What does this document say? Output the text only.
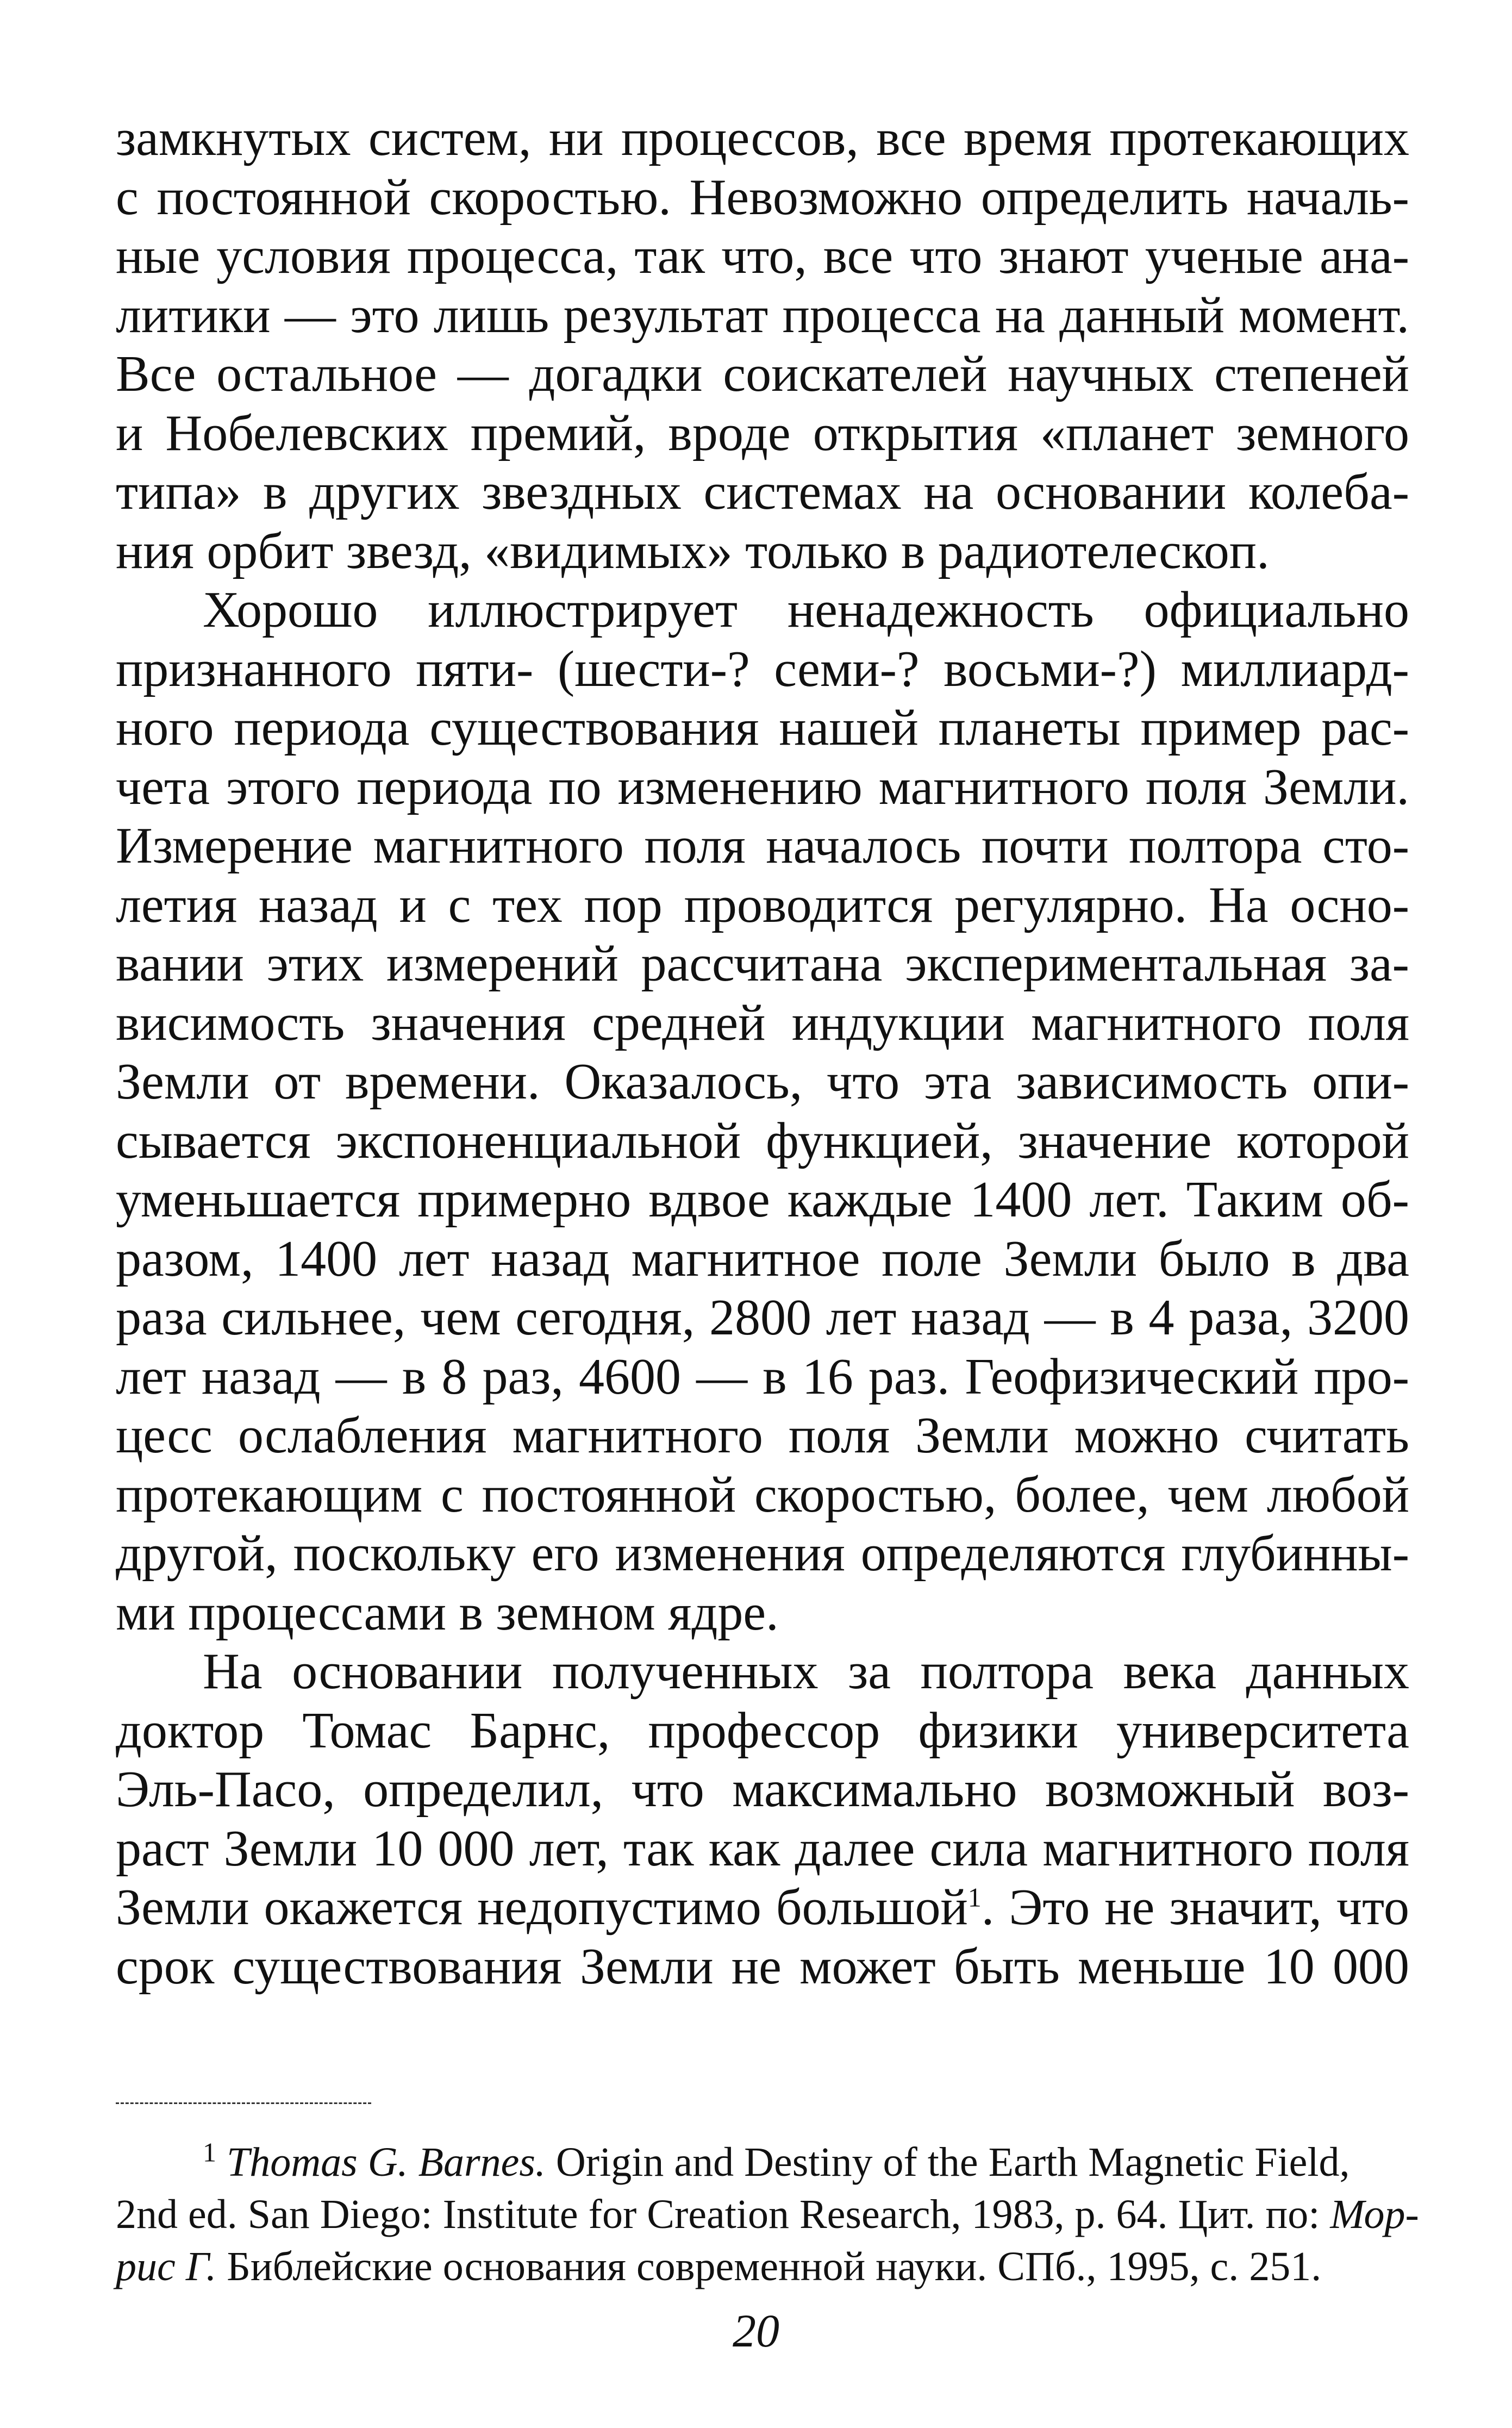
замкнутых систем, ни процессов, все время протекающих
с постоянной скоростью. Невозможно определить началь-
ные условия процесса, так что, все что знают ученые ана-
литики — это лишь результат процесса на данный момент.
Все остальное — догадки соискателей научных степеней
и Нобелевских премий, вроде открытия «планет земного
типа» в других звездных системах на основании колеба-
ния орбит звезд, «видимых» только в радиотелескоп.
Хорошо иллюстрирует ненадежность официально
признанного пяти- (шести-? семи-? восьми-?) миллиард-
ного периода существования нашей планеты пример рас-
чета этого периода по изменению магнитного поля Земли.
Измерение магнитного поля началось почти полтора сто-
летия назад и с тех пор проводится регулярно. На осно-
вании этих измерений рассчитана экспериментальная за-
висимость значения средней индукции магнитного поля
Земли от времени. Оказалось, что эта зависимость опи-
сывается экспоненциальной функцией, значение которой
уменьшается примерно вдвое каждые 1400 лет. Таким об-
разом, 1400 лет назад магнитное поле Земли было в два
раза сильнее, чем сегодня, 2800 лет назад — в 4 раза, 3200
лет назад — в 8 раз, 4600 — в 16 раз. Геофизический про-
цесс ослабления магнитного поля Земли можно считать
протекающим с постоянной скоростью, более, чем любой
другой, поскольку его изменения определяются глубинны-
ми процессами в земном ядре.
На основании полученных за полтора века данных
доктор Томас Барнс, профессор физики университета
Эль-Пасо, определил, что максимально возможный воз-
раст Земли 10 000 лет, так как далее сила магнитного поля
Земли окажется недопустимо большой$^1$. Это не значит, что
срок существования Земли не может быть меньше 10 000
$^1$ Thomas G. Barnes. Origin and Destiny of the Earth Magnetic Field,
2nd ed. San Diego: Institute for Creation Research, 1983, p. 64. Цит. по: Мор-
рис Г. Библейские основания современной науки. СПб., 1995, с. 251.
20
